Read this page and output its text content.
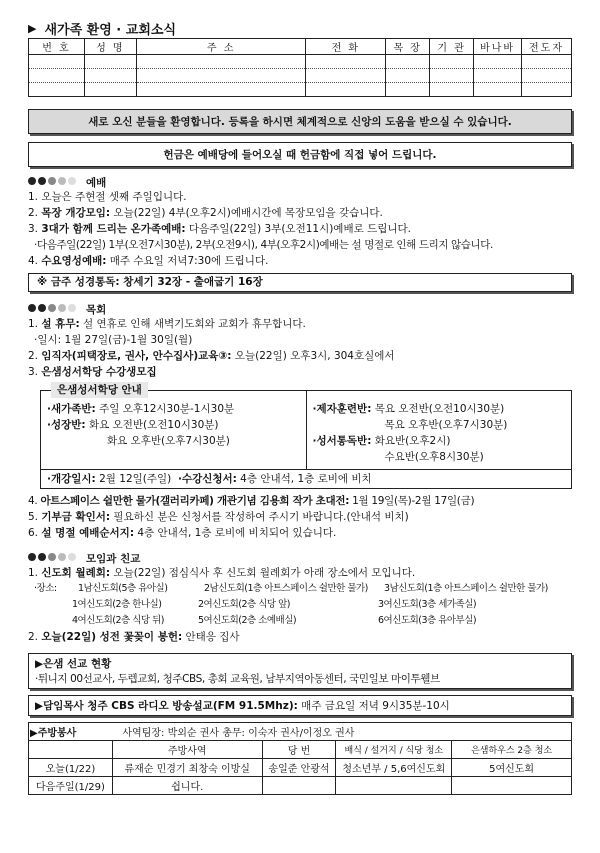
▶ 새가족 환영 · 교회소식
번 호	성 명	주 소	전 화	목 장	기 관	바나바	전도자

새로 오신 분들을 환영합니다. 등록을 하시면 체계적으로 신앙의 도움을 받으실 수 있습니다.
헌금은 예배당에 들어오실 때 헌금함에 직접 넣어 드립니다.
예배
1. 오늘은 주현절 셋째 주일입니다.
2. 목장 개강모임: 오늘(22일) 4부(오후2시)예배시간에 목장모임을 갖습니다.
3. 3대가 함께 드리는 온가족예배: 다음주일(22일) 3부(오전11시)예배로 드립니다.
·다음주일(22일) 1부(오전7시30분), 2부(오전9시), 4부(오후2시)예배는 설 명절로 인해 드리지 않습니다.
4. 수요영성예배: 매주 수요일 저녁7:30에 드립니다.
※ 금주 성경통독: 창세기 32장 - 출애굽기 16장
목회
1. 설 휴무: 설 연휴로 인해 새벽기도회와 교회가 휴무합니다.
·일시: 1월 27일(금)-1월 30일(월)
2. 임직자(피택장로, 권사, 안수집사)교육③: 오늘(22일) 오후3시, 304호실에서
3. 은샘성서학당 수강생모집
은샘성서학당 안내
·새가족반: 주일 오후12시30분-1시30분
·성장반: 화요 오전반(오전10시30분)
화요 오후반(오후7시30분)
·제자훈련반: 목요 오전반(오전10시30분)
목요 오후반(오후7시30분)
·성서통독반: 화요반(오후2시)
수요반(오후8시30분)
·개강일시: 2월 12일(주일) ·수강신청서: 4층 안내석, 1층 로비에 비치
4. 아트스페이스 쉴만한 물가(갤러리카페) 개관기념 김용희 작가 초대전: 1월 19일(목)-2월 17일(금)
5. 기부금 확인서: 필요하신 분은 신청서를 작성하여 주시기 바랍니다.(안내석 비치)
6. 설 명절 예배순서지: 4층 안내석, 1층 로비에 비치되어 있습니다.
모임과 친교
1. 신도회 월례회: 오늘(22일) 점심식사 후 신도회 월례회가 아래 장소에서 모입니다.
·장소:	1남신도회(5층 유아실)	2남신도회(1층 아트스페이스 쉴만한 물가)	3남신도회(1층 아트스페이스 쉴만한 물가)
1여신도회(2층 한나실)	2여신도회(2층 식당 앞)	3여신도회(3층 세가족실)
4여신도회(2층 식당 뒤)	5여신도회(2층 소예배실)	6여신도회(3층 유아부실)
2. 오늘(22일) 성전 꽃꽂이 봉헌: 안태응 집사
▶은샘 선교 현황
·튀니지 00선교사, 두렙교회, 청주CBS, 총회 교육원, 남부지역아동센터, 국민일보 마이투웰브
▶담임목사 청주 CBS 라디오 방송설교(FM 91.5Mhz): 매주 금요일 저녁 9시35분-10시
▶주방봉사	사역팀장: 박외순 권사 총무: 이숙자 권사/이정오 권사			
	주방사역	당 번	배식 / 설거지 / 식당 청소	은샘하우스 2층 청소
오늘(1/22)	류재순 민경기 최창숙 이방실	송일준 안광석	청소년부 / 5,6여신도회	5여신도회
다음주일(1/29)	쉽니다.			
